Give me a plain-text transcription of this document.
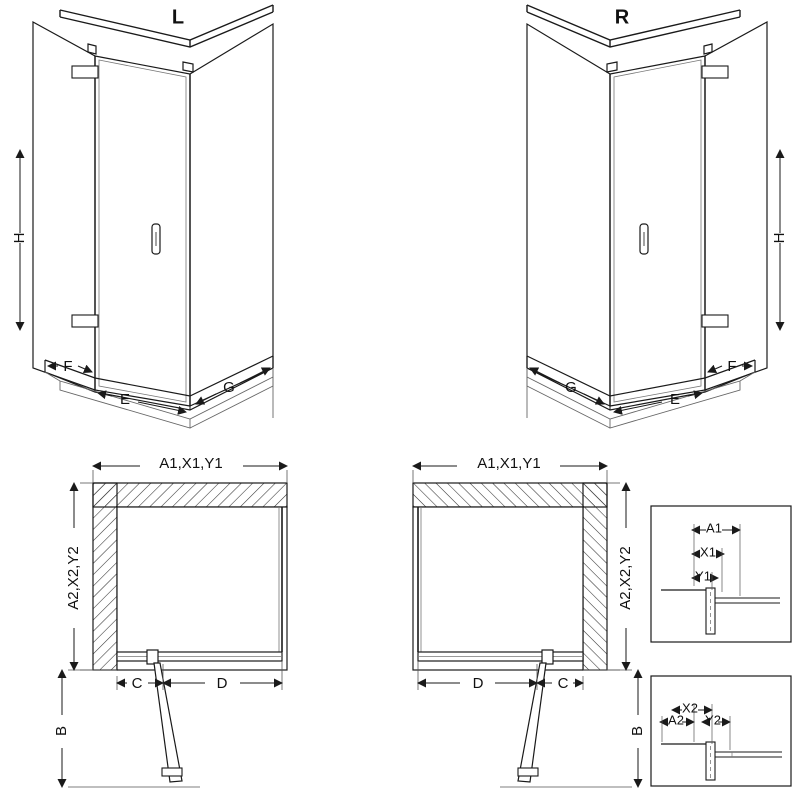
H
L
F
E
G
H
R
F
E
G
A1,X1,Y1
A2,X2,Y2
B
C	D
A1,X1,Y1
A2,X2,Y2
B
C
D
A1
X1
Y1
A2
X2
Y2
